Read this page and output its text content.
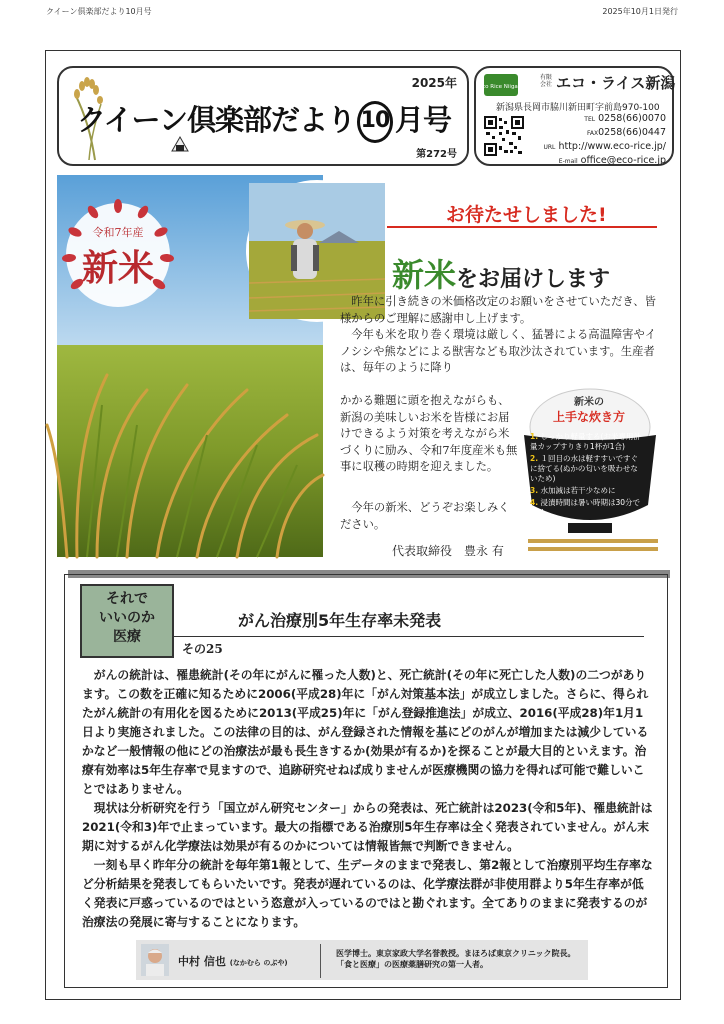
クイーン倶楽部だより10月号	2025年10月1日発行
2025年
クイーン倶楽部だより 10 月号
第272号
Eco Rice Niigata
有限
会社 エコ・ライス新潟
新潟県長岡市脇川新田町字前島970-100
TEL 0258(66)0070
FAX0258(66)0447
URL http://www.eco-rice.jp/
E-mail office@eco-rice.jp
令和7年産
新米
お待たせしました!
新米をお届けします
昨年に引き続きの米価格改定のお願いをさせていただき、皆様からのご理解に感謝申し上げます。
今年も米を取り巻く環境は厳しく、猛暑による高温障害やイノシシや熊などによる獣害なども取沙汰されています。生産者は、毎年のように降り
かかる難題に頭を抱えながらも、新潟の美味しいお米を皆様にお届けできるよう対策を考えながら米づくりに励み、令和7年度産米も無事に収穫の時期を迎えました。
今年の新米、どうぞお楽しみください。
代表取締役　豊永 有
新米の
上手な炊き方
1. しっかり軽量する(お米専用計量カップすりきり1杯が1合)
2. １回目の水は軽すすいですぐに捨てる(ぬかの匂いを吸わせないため)
3. 水加減は若干少なめに
4. 浸漬時間は暑い時期は30分でOK!
それで
いいのか
医療
がん治療別5年生存率未発表
その25

がんの統計は、罹患統計(その年にがんに罹った人数)と、死亡統計(その年に死亡した人数)の二つがあります。この数を正確に知るために2006(平成28)年に「がん対策基本法」が成立しました。さらに、得られたがん統計の有用化を図るために2013(平成25)年に「がん登録推進法」が成立、2016(平成28)年1月1日より実施されました。この法律の目的は、がん登録された情報を基にどのがんが増加または減少しているかなど一般情報の他にどの治療法が最も長生きするか(効果が有るか)を探ることが最大目的といえます。治療有効率は5年生存率で見ますので、追跡研究せねば成りませんが医療機関の協力を得れば可能で難しいことではありません。

現状は分析研究を行う「国立がん研究センター」からの発表は、死亡統計は2023(令和5年)、罹患統計は2021(令和3)年で止まっています。最大の指標である治療別5年生存率は全く発表されていません。がん末期に対するがん化学療法は効果が有るのかについては情報皆無で判断できません。

一刻も早く昨年分の統計を毎年第1報として、生データのままで発表し、第2報として治療別平均生存率など分析結果を発表してもらいたいです。発表が遅れているのは、化学療法群が非使用群より5年生存率が低く発表に戸惑っているのではという恣意が入っているのではと勘ぐれます。全てありのままに発表するのが治療法の発展に寄与することになります。

中村 信也 (なかむら のぶや)
医学博士。東京家政大学名誉教授。まほろば東京クリニック院長。
「食と医療」の医療薬膳研究の第一人者。
